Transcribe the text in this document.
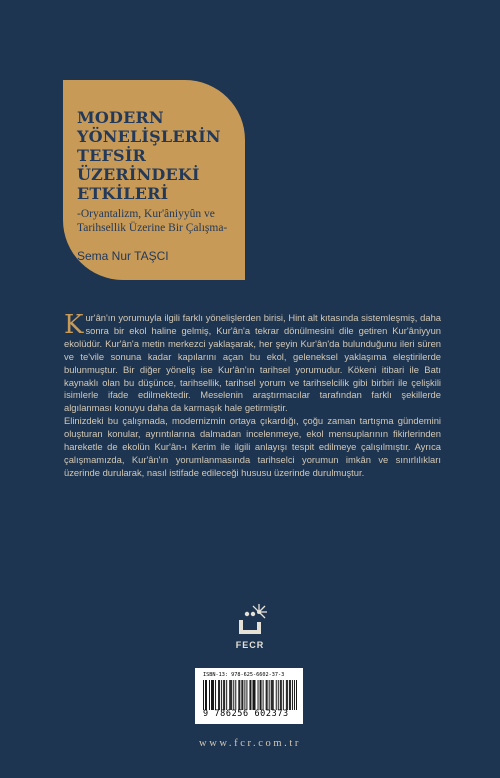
MODERN
YÖNELİŞLERİN
TEFSİR
ÜZERİNDEKİ
ETKİLERİ
-Oryantalizm, Kur'âniyyûn ve
Tarihsellik Üzerine Bir Çalışma-
Sema Nur TAŞCI

Kur'ân'ın yorumuyla ilgili farklı yönelişlerden birisi, Hint alt kıtasında sistemleşmiş, daha sonra bir ekol haline gelmiş, Kur'ân'a tekrar dönülmesini dile getiren Kur'âniyyun ekolüdür. Kur'ân'a metin merkezci yaklaşarak, her şeyin Kur'ân'da bulunduğunu ileri süren ve te'vile sonuna kadar kapılarını açan bu ekol, geleneksel yaklaşıma eleştirilerde bulunmuştur. Bir diğer yöneliş ise Kur'ân'ın tarihsel yorumudur. Kökeni itibari ile Batı kaynaklı olan bu düşünce, tarihsellik, tarihsel yorum ve tarihselcilik gibi birbiri ile çelişkili isimlerle ifade edilmektedir. Meselenin araştırmacılar tarafından farklı şekillerde algılanması konuyu daha da karmaşık hale getirmiştir.

Elinizdeki bu çalışmada, modernizmin ortaya çıkardığı, çoğu zaman tartışma gündemini oluşturan konular, ayrıntılarına dalmadan incelenmeye, ekol mensuplarının fikirlerinden hareketle de ekolün Kur'ân-ı Kerim ile ilgili anlayışı tespit edilmeye çalışılmıştır. Ayrıca çalışmamızda, Kur'ân'ın yorumlanmasında tarihselci yorumun imkân ve sınırlılıkları üzerinde durularak, nasıl istifade edileceği hususu üzerinde durulmuştur.

FECR
ISBN-13: 978-625-6602-37-3
9 786256 602373
www.fcr.com.tr
